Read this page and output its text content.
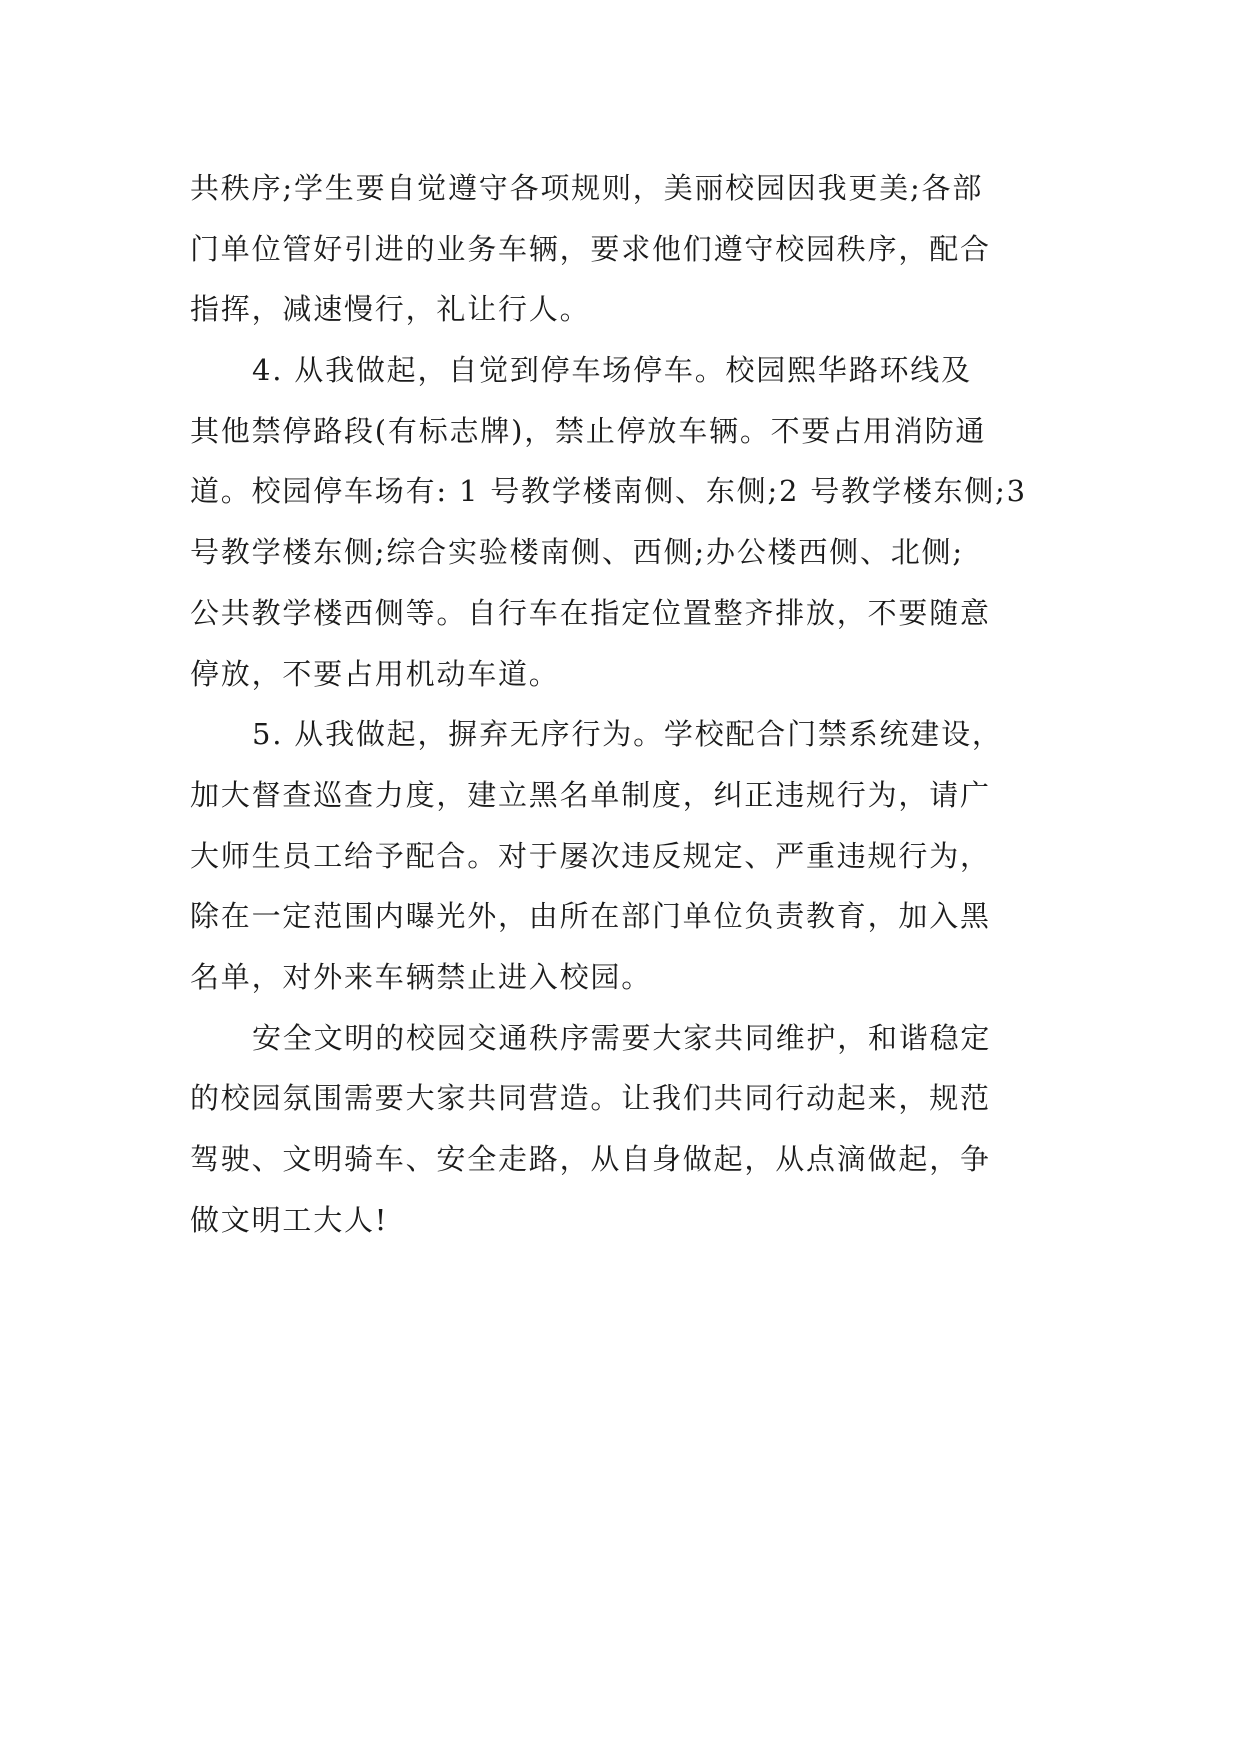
共秩序;学生要自觉遵守各项规则，美丽校园因我更美;各部
门单位管好引进的业务车辆，要求他们遵守校园秩序，配合
指挥，减速慢行，礼让行人。
4. 从我做起，自觉到停车场停车。校园熙华路环线及
其他禁停路段(有标志牌)，禁止停放车辆。不要占用消防通
道。校园停车场有: 1 号教学楼南侧、东侧;2 号教学楼东侧;3
号教学楼东侧;综合实验楼南侧、西侧;办公楼西侧、北侧;
公共教学楼西侧等。自行车在指定位置整齐排放，不要随意
停放，不要占用机动车道。
5. 从我做起，摒弃无序行为。学校配合门禁系统建设，
加大督查巡查力度，建立黑名单制度，纠正违规行为，请广
大师生员工给予配合。对于屡次违反规定、严重违规行为，
除在一定范围内曝光外，由所在部门单位负责教育，加入黑
名单，对外来车辆禁止进入校园。
安全文明的校园交通秩序需要大家共同维护，和谐稳定
的校园氛围需要大家共同营造。让我们共同行动起来，规范
驾驶、文明骑车、安全走路，从自身做起，从点滴做起，争
做文明工大人!
